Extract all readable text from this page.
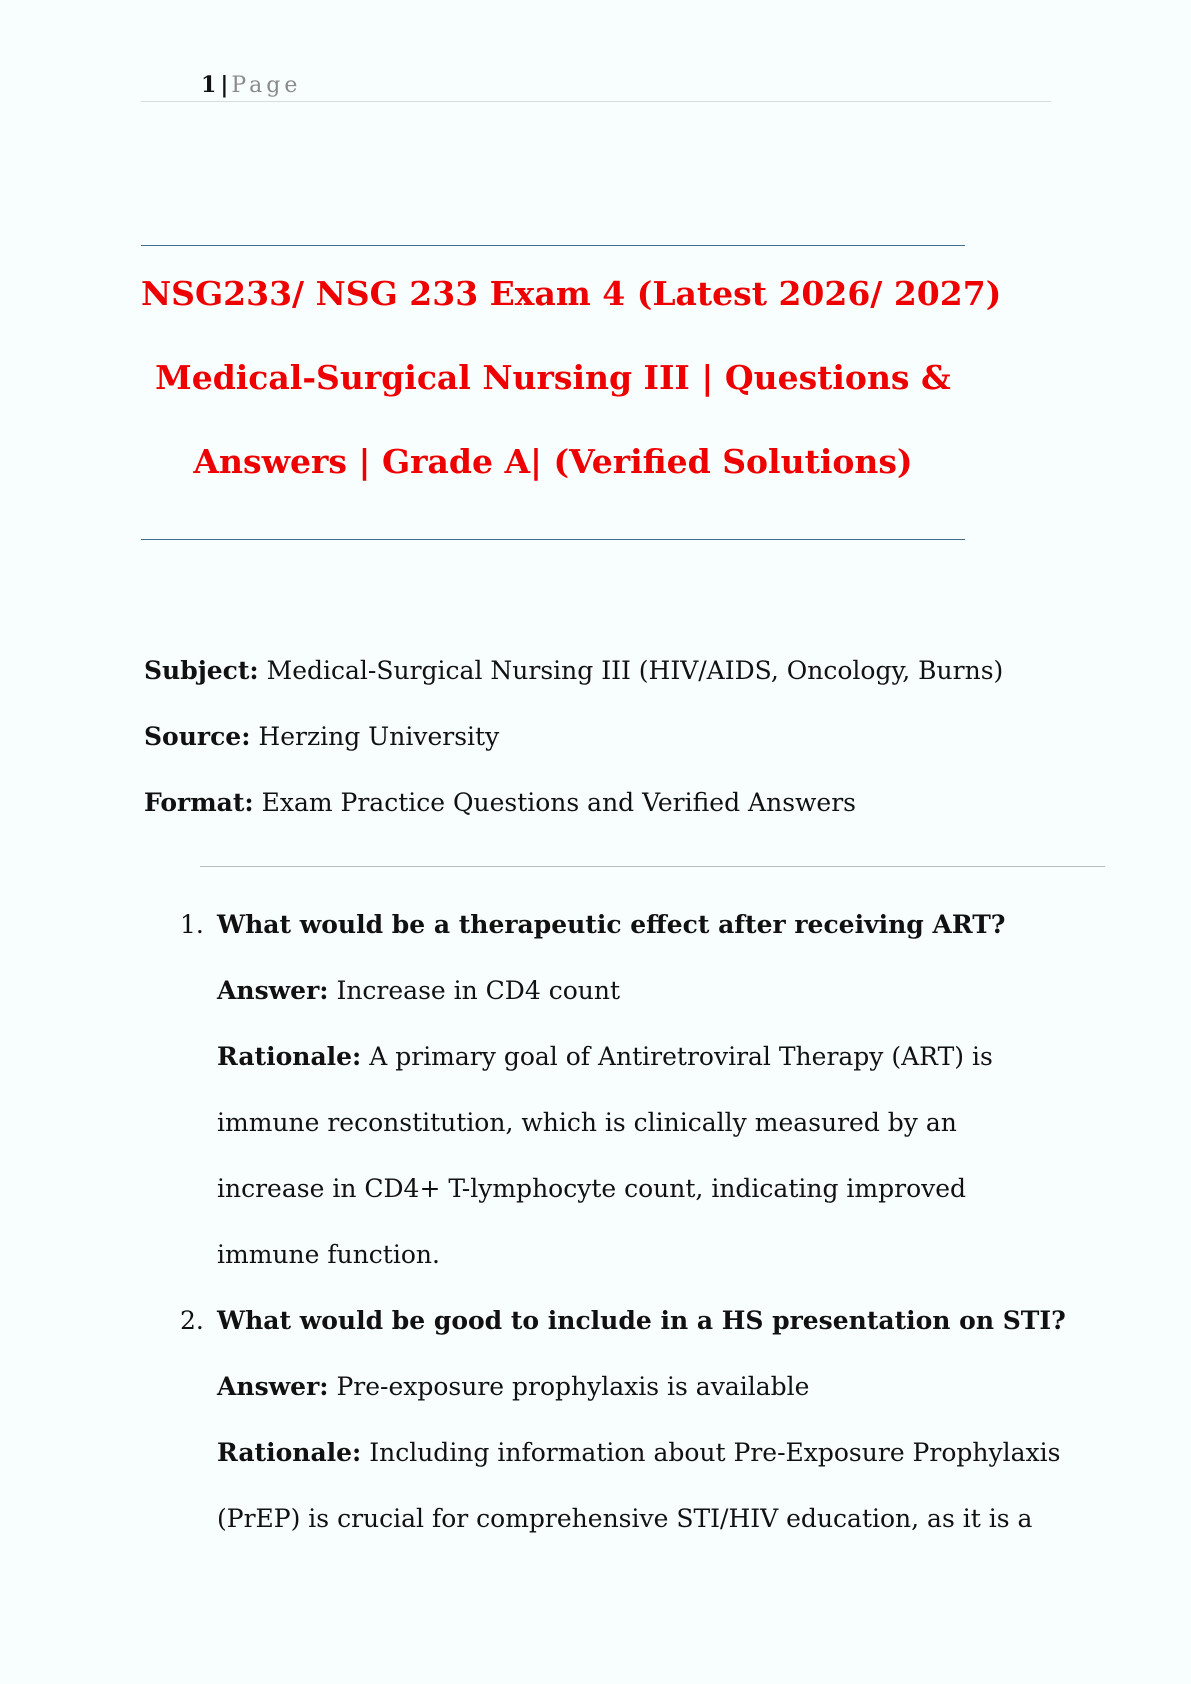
1 | Page
NSG233/ NSG 233 Exam 4 (Latest 2026/ 2027)
Medical-Surgical Nursing III | Questions &
Answers | Grade A| (Verified Solutions)
Subject: Medical-Surgical Nursing III (HIV/AIDS, Oncology, Burns)
Source: Herzing University
Format: Exam Practice Questions and Verified Answers
1. What would be a therapeutic effect after receiving ART?
Answer: Increase in CD4 count
Rationale: A primary goal of Antiretroviral Therapy (ART) is immune reconstitution, which is clinically measured by an increase in CD4+ T-lymphocyte count, indicating improved immune function.
2. What would be good to include in a HS presentation on STI?
Answer: Pre-exposure prophylaxis is available
Rationale: Including information about Pre-Exposure Prophylaxis (PrEP) is crucial for comprehensive STI/HIV education, as it is a
